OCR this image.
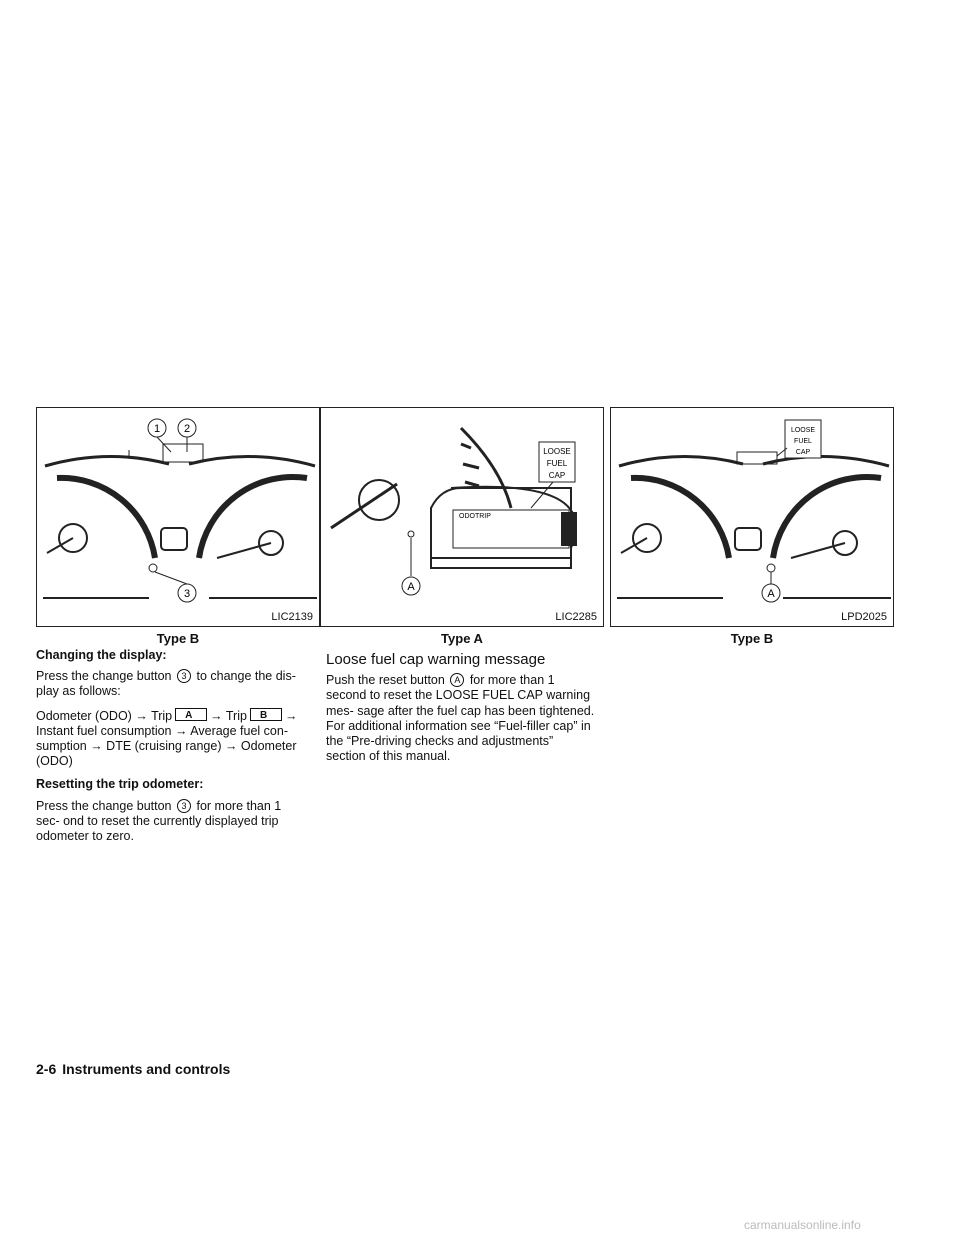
1 2
3
LIC2139
Type B
ODOTRIP
LOOSE
FUEL
CAP
A
LIC2285
Type A
LOOSE
FUEL
CAP
A
LPD2025
Type B
Changing the display:

Press the change button 3 to change the dis- play as follows:

Odometer (ODO) → Trip A → Trip B → Instant fuel consumption → Average fuel con- sumption → DTE (cruising range) → Odometer (ODO)

Resetting the trip odometer:

Press the change button 3 for more than 1 sec- ond to reset the currently displayed trip odometer to zero.

Loose fuel cap warning message

Push the reset button A for more than 1 second to reset the LOOSE FUEL CAP warning mes- sage after the fuel cap has been tightened. For additional information see “Fuel-filler cap” in the “Pre-driving checks and adjustments” section of this manual.

2-6 Instruments and controls
carmanualsonline.info
